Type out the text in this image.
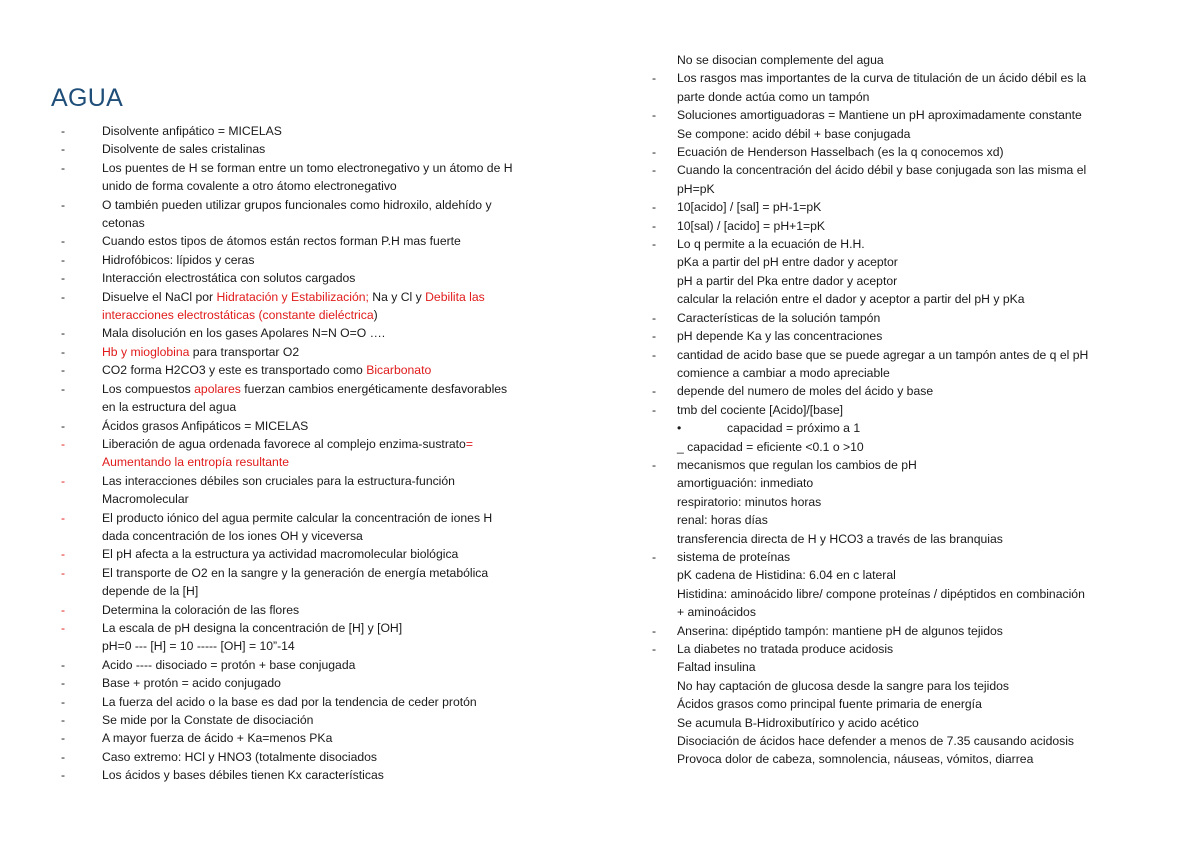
AGUA
-	Disolvente anfipático = MICELAS
-	Disolvente de sales cristalinas
-	Los puentes de H se forman entre un tomo electronegativo y un átomo de H
unido de forma covalente a otro átomo electronegativo
-	O también pueden utilizar grupos funcionales como hidroxilo, aldehído y
cetonas
-	Cuando estos tipos de átomos están rectos forman P.H mas fuerte
-	Hidrofóbicos: lípidos y ceras
-	Interacción electrostática con solutos cargados
-	Disuelve el NaCl por Hidratación y Estabilización; Na y Cl y Debilita las
interacciones electrostáticas (constante dieléctrica)
-	Mala disolución en los gases Apolares N=N O=O ….
-	Hb y mioglobina para transportar O2
-	CO2 forma H2CO3 y este es transportado como Bicarbonato
-	Los compuestos apolares fuerzan cambios energéticamente desfavorables
en la estructura del agua
-	Ácidos grasos Anfipáticos = MICELAS
-	Liberación de agua ordenada favorece al complejo enzima-sustrato=
Aumentando la entropía resultante
-	Las interacciones débiles son cruciales para la estructura-función
Macromolecular
-	El producto iónico del agua permite calcular la concentración de iones H
dada concentración de los iones OH y viceversa
-	El pH afecta a la estructura ya actividad macromolecular biológica
-	El transporte de O2 en la sangre y la generación de energía metabólica
depende de la [H]
-	Determina la coloración de las flores
-	La escala de pH designa la concentración de [H] y [OH]
pH=0 --- [H] = 10 ----- [OH] = 10”-14
-	Acido ---- disociado = protón + base conjugada
-	Base + protón = acido conjugado
-	La fuerza del acido o la base es dad por la tendencia de ceder protón
-	Se mide por la Constate de disociación
-	A mayor fuerza de ácido + Ka=menos PKa
-	Caso extremo: HCl y HNO3 (totalmente disociados
-	Los ácidos y bases débiles tienen Kx características
No se disocian complemente del agua
-	Los rasgos mas importantes de la curva de titulación de un ácido débil es la
parte donde actúa como un tampón
-	Soluciones amortiguadoras = Mantiene un pH aproximadamente constante
Se compone: acido débil + base conjugada
-	Ecuación de Henderson Hasselbach (es la q conocemos xd)
-	Cuando la concentración del ácido débil y base conjugada son las misma el
pH=pK
-	10[acido] / [sal] = pH-1=pK
-	10[sal) / [acido] = pH+1=pK
-	Lo q permite a la ecuación de H.H.
pKa a partir del pH entre dador y aceptor
pH a partir del Pka entre dador y aceptor
calcular la relación entre el dador y aceptor a partir del pH y pKa
-	Características de la solución tampón
-	pH depende Ka y las concentraciones
-	cantidad de acido base que se puede agregar a un tampón antes de q el pH
comience a cambiar a modo apreciable
-	depende del numero de moles del ácido y base
-	tmb del cociente [Acido]/[base]
•	capacidad = próximo a 1
_ capacidad = eficiente <0.1 o >10
-	mecanismos que regulan los cambios de pH
amortiguación: inmediato
respiratorio: minutos horas
renal: horas días
transferencia directa de H y HCO3 a través de las branquias
-	sistema de proteínas
pK cadena de Histidina: 6.04 en c lateral
Histidina: aminoácido libre/ compone proteínas / dipéptidos en combinación
+ aminoácidos
-	Anserina: dipéptido tampón: mantiene pH de algunos tejidos
-	La diabetes no tratada produce acidosis
Faltad insulina
No hay captación de glucosa desde la sangre para los tejidos
Ácidos grasos como principal fuente primaria de energía
Se acumula B-Hidroxibutírico y acido acético
Disociación de ácidos hace defender a menos de 7.35 causando acidosis
Provoca dolor de cabeza, somnolencia, náuseas, vómitos, diarrea
